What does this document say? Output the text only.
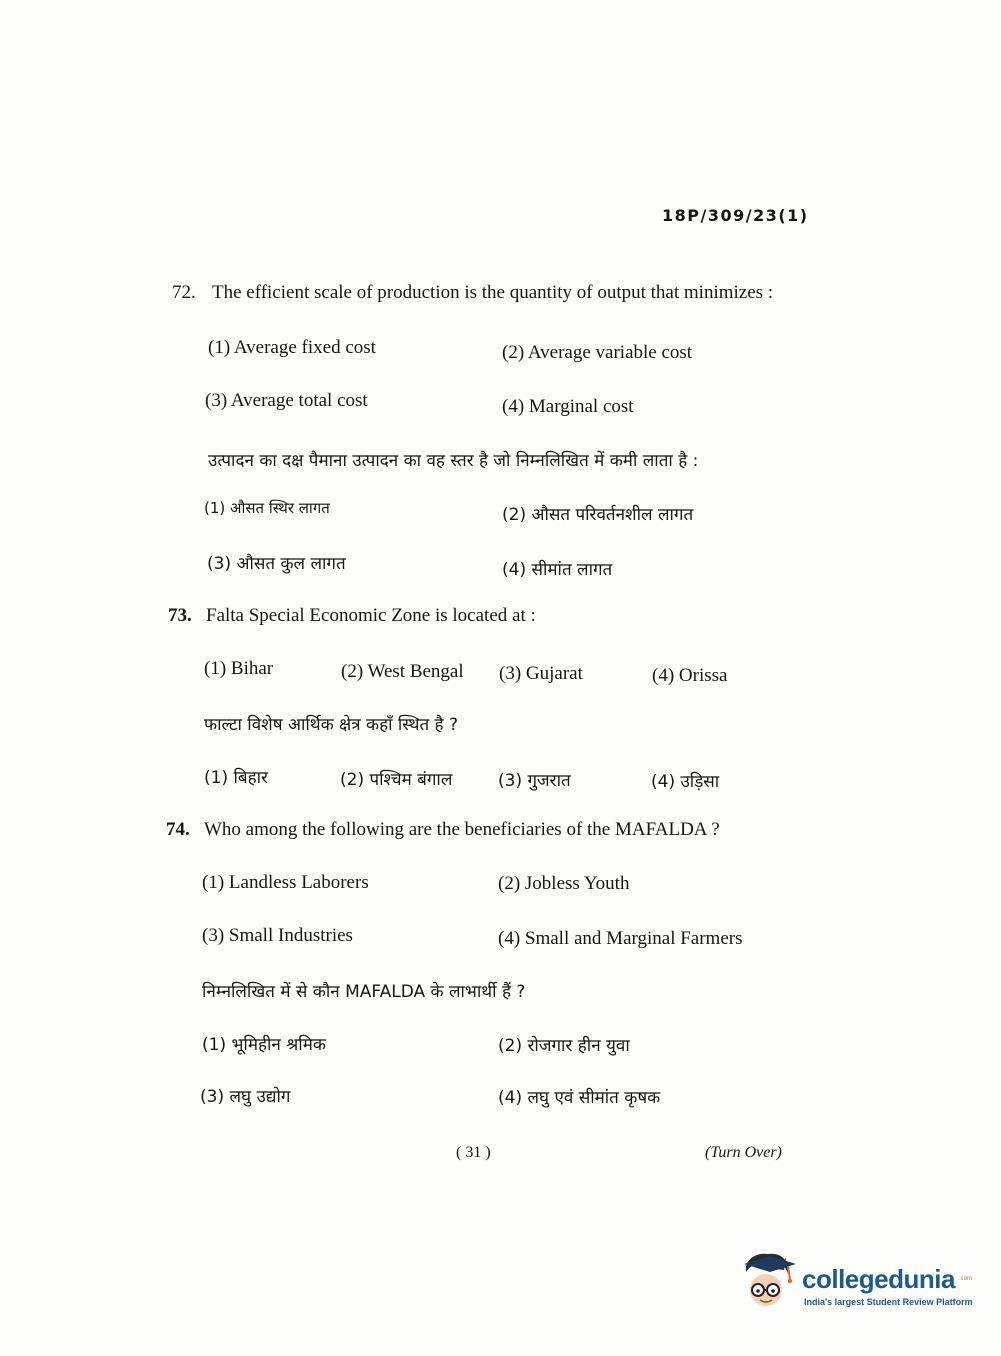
18P/309/23(1)
72. The efficient scale of production is the quantity of output that minimizes :
(1) Average fixed cost	(2) Average variable cost
(3) Average total cost	(4) Marginal cost
उत्पादन का दक्ष पैमाना उत्पादन का वह स्तर है जो निम्नलिखित में कमी लाता है :
(1) औसत स्थिर लागत	(2) औसत परिवर्तनशील लागत
(3) औसत कुल लागत	(4) सीमांत लागत
73. Falta Special Economic Zone is located at :
(1) Bihar	(2) West Bengal (3) Gujarat	(4) Orissa
फाल्टा विशेष आर्थिक क्षेत्र कहाँ स्थित है ?
(1) बिहार	(2) पश्चिम बंगाल	(3) गुजरात	(4) उड़िसा
74. Who among the following are the beneficiaries of the MAFALDA ?
(1) Landless Laborers	(2) Jobless Youth
(3) Small Industries	(4) Small and Marginal Farmers
निम्नलिखित में से कौन MAFALDA के लाभार्थी हैं ?
(1) भूमिहीन श्रमिक	(2) रोजगार हीन युवा
(3) लघु उद्योग	(4) लघु एवं सीमांत कृषक
( 31 )	(Turn Over)
collegedunia .com
India's largest Student Review Platform
